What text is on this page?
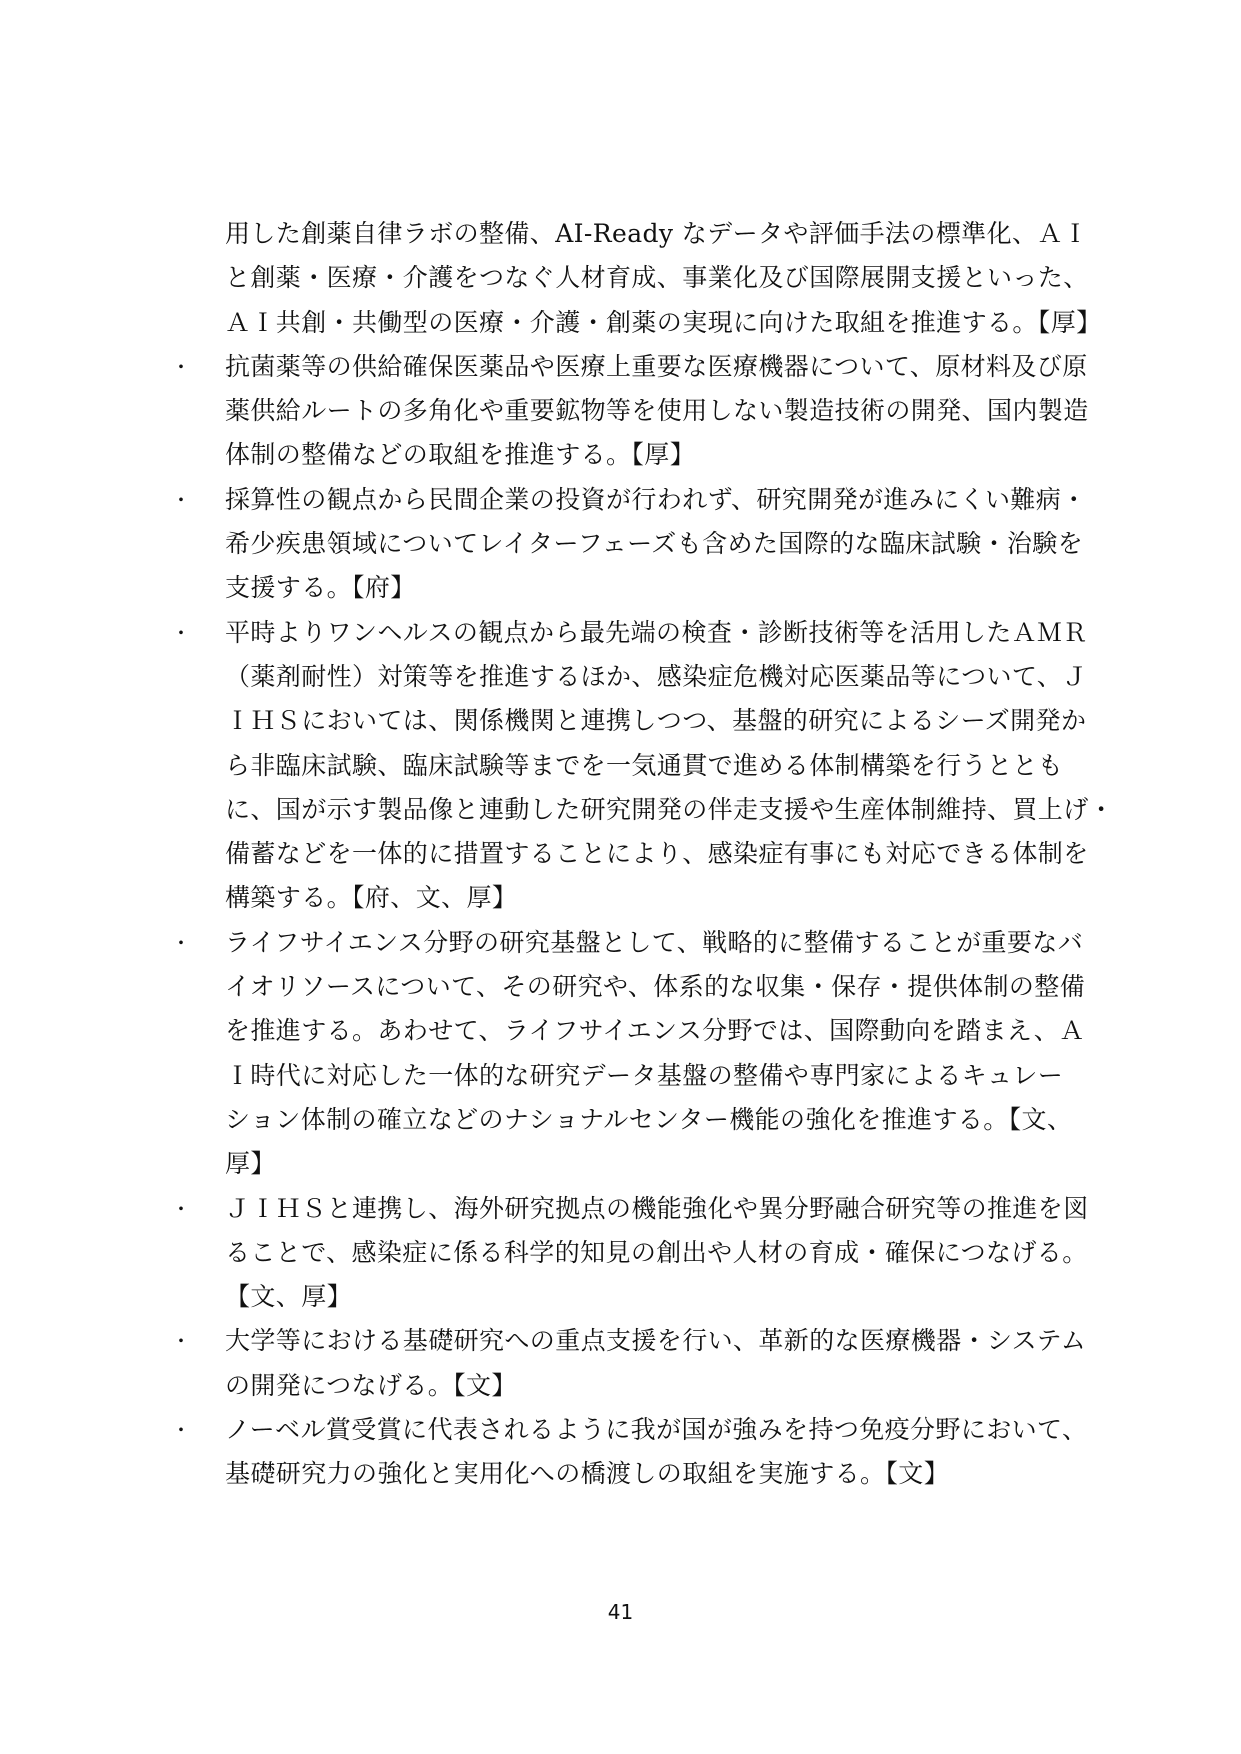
用した創薬自律ラボの整備、AI-Ready なデータや評価手法の標準化、ＡＩ
と創薬・医療・介護をつなぐ人材育成、事業化及び国際展開支援といった、
ＡＩ共創・共働型の医療・介護・創薬の実現に向けた取組を推進する。【厚】
・	抗菌薬等の供給確保医薬品や医療上重要な医療機器について、原材料及び原
薬供給ルートの多角化や重要鉱物等を使用しない製造技術の開発、国内製造
体制の整備などの取組を推進する。【厚】
・	採算性の観点から民間企業の投資が行われず、研究開発が進みにくい難病・
希少疾患領域についてレイターフェーズも含めた国際的な臨床試験・治験を
支援する。【府】
・	平時よりワンヘルスの観点から最先端の検査・診断技術等を活用したＡＭＲ
（薬剤耐性）対策等を推進するほか、感染症危機対応医薬品等について、Ｊ
ＩＨＳにおいては、関係機関と連携しつつ、基盤的研究によるシーズ開発か
ら非臨床試験、臨床試験等までを一気通貫で進める体制構築を行うととも
に、国が示す製品像と連動した研究開発の伴走支援や生産体制維持、買上げ・
備蓄などを一体的に措置することにより、感染症有事にも対応できる体制を
構築する。【府、文、厚】
・	ライフサイエンス分野の研究基盤として、戦略的に整備することが重要なバ
イオリソースについて、その研究や、体系的な収集・保存・提供体制の整備
を推進する。あわせて、ライフサイエンス分野では、国際動向を踏まえ、Ａ
Ｉ時代に対応した一体的な研究データ基盤の整備や専門家によるキュレー
ション体制の確立などのナショナルセンター機能の強化を推進する。【文、
厚】
・	ＪＩＨＳと連携し、海外研究拠点の機能強化や異分野融合研究等の推進を図
ることで、感染症に係る科学的知見の創出や人材の育成・確保につなげる。
【文、厚】
・	大学等における基礎研究への重点支援を行い、革新的な医療機器・システム
の開発につなげる。【文】
・	ノーベル賞受賞に代表されるように我が国が強みを持つ免疫分野において、
基礎研究力の強化と実用化への橋渡しの取組を実施する。【文】
41
